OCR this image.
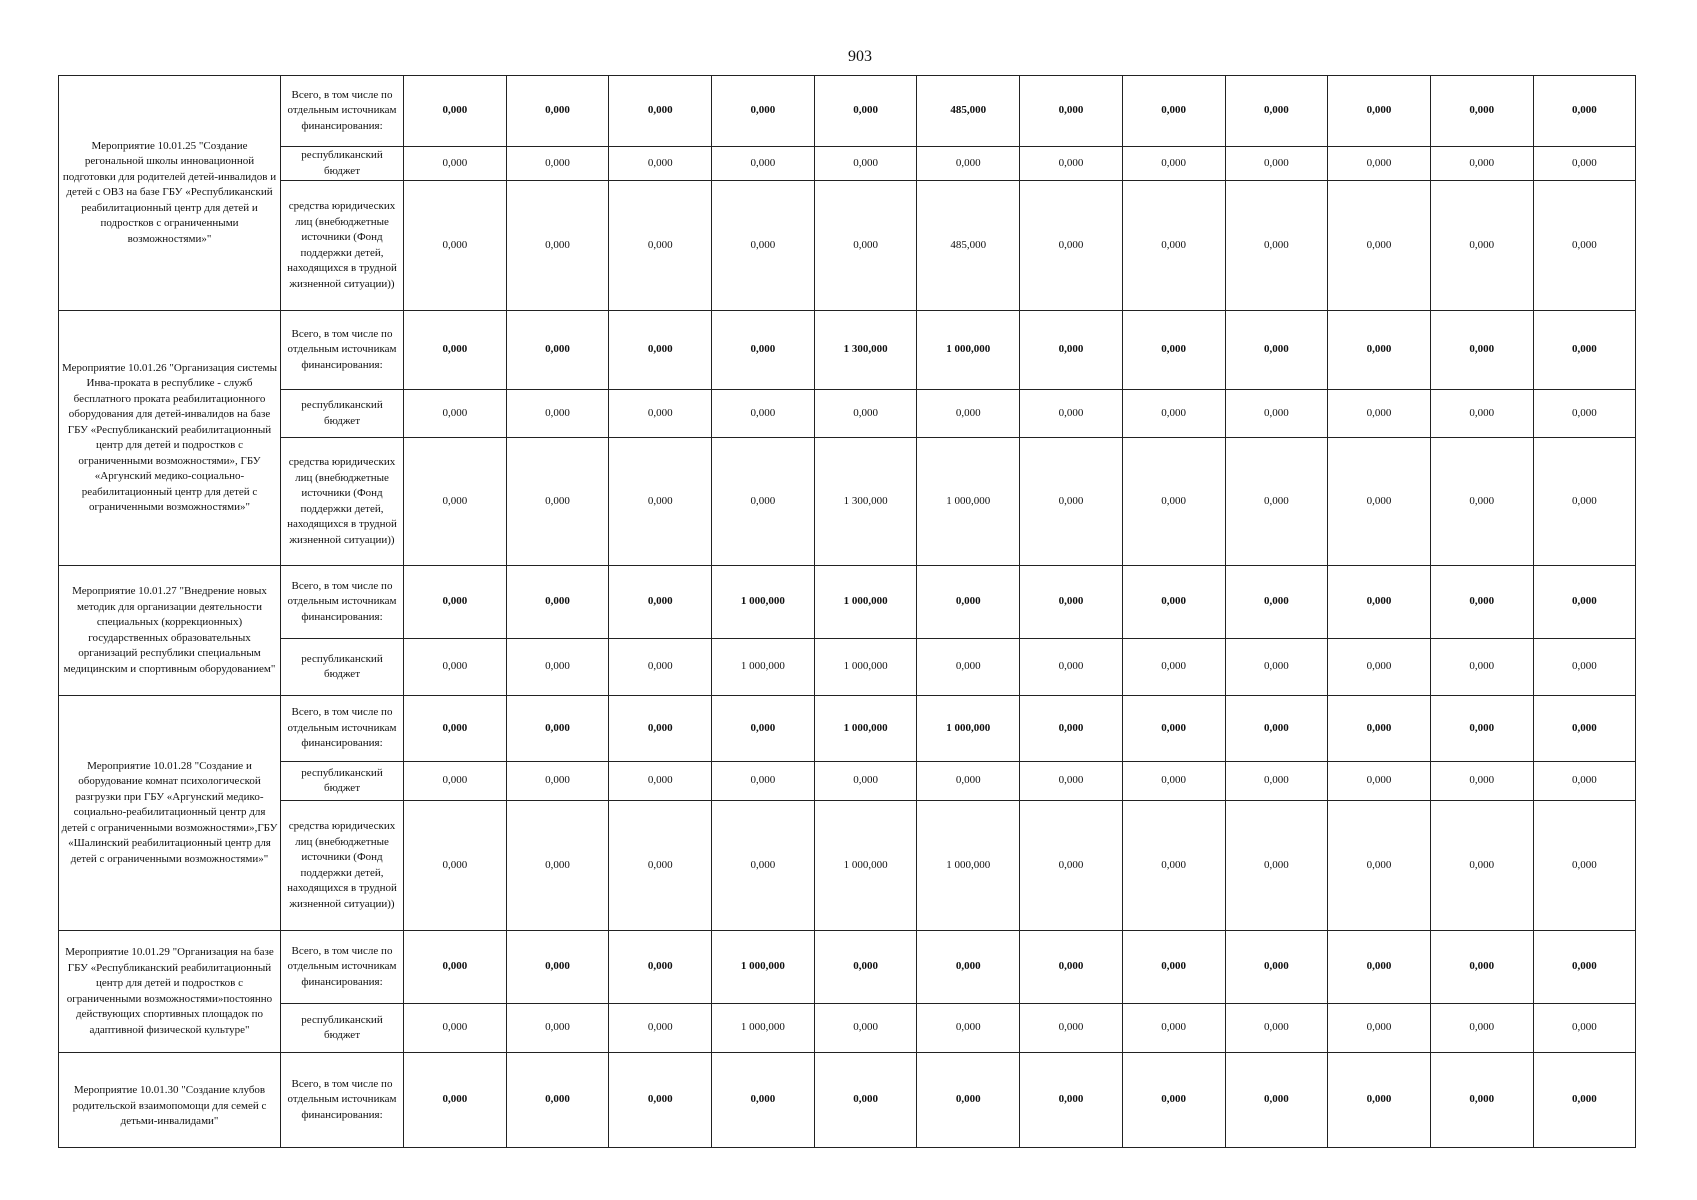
903
Мероприятие 10.01.25 "Создание регональной школы инновационной подготовки для родителей детей-инвалидов и детей с ОВЗ на базе ГБУ «Республиканский реабилитационный центр для детей и подростков с ограниченными возможностями»"	Всего, в том числе по отдельным источникам финансирования:	0,000	0,000	0,000	0,000	0,000	485,000	0,000	0,000	0,000	0,000	0,000	0,000
	республиканский бюджет	0,000	0,000	0,000	0,000	0,000	0,000	0,000	0,000	0,000	0,000	0,000	0,000
	средства юридических лиц (внебюджетные источники (Фонд поддержки детей, находящихся в трудной жизненной ситуации))	0,000	0,000	0,000	0,000	0,000	485,000	0,000	0,000	0,000	0,000	0,000	0,000
Мероприятие 10.01.26 "Организация системы Инва-проката в республике - служб бесплатного проката реабилитационного оборудования для детей-инвалидов на базе ГБУ «Республиканский реабилитационный центр для детей и подростков с ограниченными возможностями», ГБУ «Аргунский медико-социально-реабилитационный центр для детей с ограниченными возможностями»"	Всего, в том числе по отдельным источникам финансирования:	0,000	0,000	0,000	0,000	1 300,000	1 000,000	0,000	0,000	0,000	0,000	0,000	0,000
	республиканский бюджет	0,000	0,000	0,000	0,000	0,000	0,000	0,000	0,000	0,000	0,000	0,000	0,000
	средства юридических лиц (внебюджетные источники (Фонд поддержки детей, находящихся в трудной жизненной ситуации))	0,000	0,000	0,000	0,000	1 300,000	1 000,000	0,000	0,000	0,000	0,000	0,000	0,000
Мероприятие 10.01.27 "Внедрение новых методик для организации деятельности специальных (коррекционных) государственных образовательных организаций республики специальным медицинским и спортивным оборудованием"	Всего, в том числе по отдельным источникам финансирования:	0,000	0,000	0,000	1 000,000	1 000,000	0,000	0,000	0,000	0,000	0,000	0,000	0,000
	республиканский бюджет	0,000	0,000	0,000	1 000,000	1 000,000	0,000	0,000	0,000	0,000	0,000	0,000	0,000
Мероприятие 10.01.28 "Создание и оборудование комнат психологической разгрузки при ГБУ «Аргунский медико-социально-реабилитационный центр для детей с ограниченными возможностями»,ГБУ «Шалинский реабилитационный центр для детей с ограниченными возможностями»"	Всего, в том числе по отдельным источникам финансирования:	0,000	0,000	0,000	0,000	1 000,000	1 000,000	0,000	0,000	0,000	0,000	0,000	0,000
	республиканский бюджет	0,000	0,000	0,000	0,000	0,000	0,000	0,000	0,000	0,000	0,000	0,000	0,000
	средства юридических лиц (внебюджетные источники (Фонд поддержки детей, находящихся в трудной жизненной ситуации))	0,000	0,000	0,000	0,000	1 000,000	1 000,000	0,000	0,000	0,000	0,000	0,000	0,000
Мероприятие 10.01.29 "Организация на базе ГБУ «Республиканский реабилитационный центр для детей и подростков с ограниченными возможностями»постоянно действующих спортивных площадок по адаптивной физической культуре"	Всего, в том числе по отдельным источникам финансирования:	0,000	0,000	0,000	1 000,000	0,000	0,000	0,000	0,000	0,000	0,000	0,000	0,000
	республиканский бюджет	0,000	0,000	0,000	1 000,000	0,000	0,000	0,000	0,000	0,000	0,000	0,000	0,000

Мероприятие 10.01.30 "Создание клубов родительской взаимопомощи для семей с детьми-инвалидами"	Всего, в том числе по отдельным источникам финансирования:	0,000	0,000	0,000	0,000	0,000	0,000	0,000	0,000	0,000	0,000	0,000	0,000
